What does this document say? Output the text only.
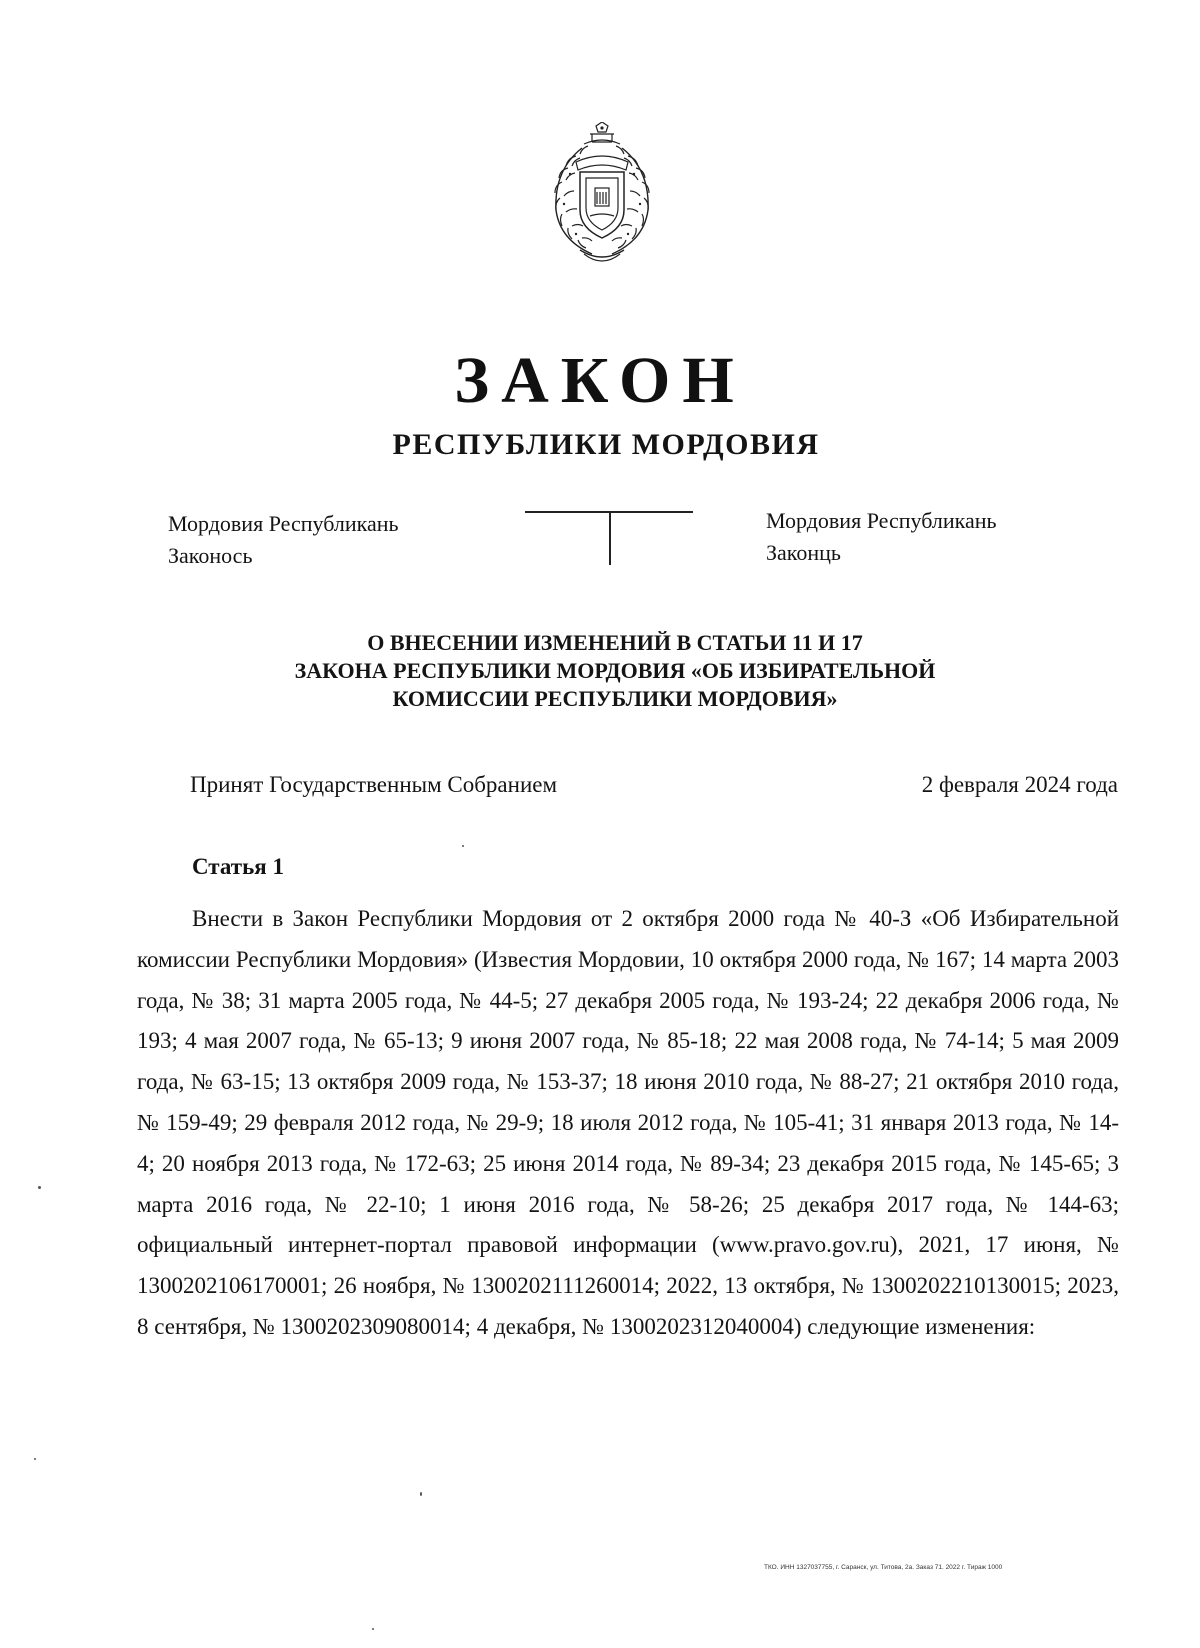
ЗАКОН
РЕСПУБЛИКИ МОРДОВИЯ
Мордовия Республикань
Законось
Мордовия Республикань
Законць
О ВНЕСЕНИИ ИЗМЕНЕНИЙ В СТАТЬИ 11 И 17
ЗАКОНА РЕСПУБЛИКИ МОРДОВИЯ «ОБ ИЗБИРАТЕЛЬНОЙ
КОМИССИИ РЕСПУБЛИКИ МОРДОВИЯ»
Принят Государственным Собранием	2 февраля 2024 года
Статья 1

Внести в Закон Республики Мордовия от 2 октября 2000 года № 40-З «Об Избирательной комиссии Республики Мордовия» (Известия Мордовии, 10 октября 2000 года, № 167; 14 марта 2003 года, № 38; 31 марта 2005 года, № 44-5; 27 декабря 2005 года, № 193-24; 22 декабря 2006 года, № 193; 4 мая 2007 года, № 65-13; 9 июня 2007 года, № 85-18; 22 мая 2008 года, № 74-14; 5 мая 2009 года, № 63-15; 13 октября 2009 года, № 153-37; 18 июня 2010 года, № 88-27; 21 октября 2010 года, № 159-49; 29 февраля 2012 года, № 29-9; 18 июля 2012 года, № 105-41; 31 января 2013 года, № 14-4; 20 ноября 2013 года, № 172-63; 25 июня 2014 года, № 89-34; 23 декабря 2015 года, № 145-65; 3 марта 2016 года, № 22-10; 1 июня 2016 года, № 58-26; 25 декабря 2017 года, № 144-63; официальный интернет-портал правовой информации (www.pravo.gov.ru), 2021, 17 июня, № 1300202106170001; 26 ноября, № 1300202111260014; 2022, 13 октября, № 1300202210130015; 2023, 8 сентября, № 1300202309080014; 4 декабря, № 1300202312040004) следующие изменения:

ТКО. ИНН 1327037755, г. Саранск, ул. Титова, 2а. Заказ 71. 2022 г. Тираж 1000
